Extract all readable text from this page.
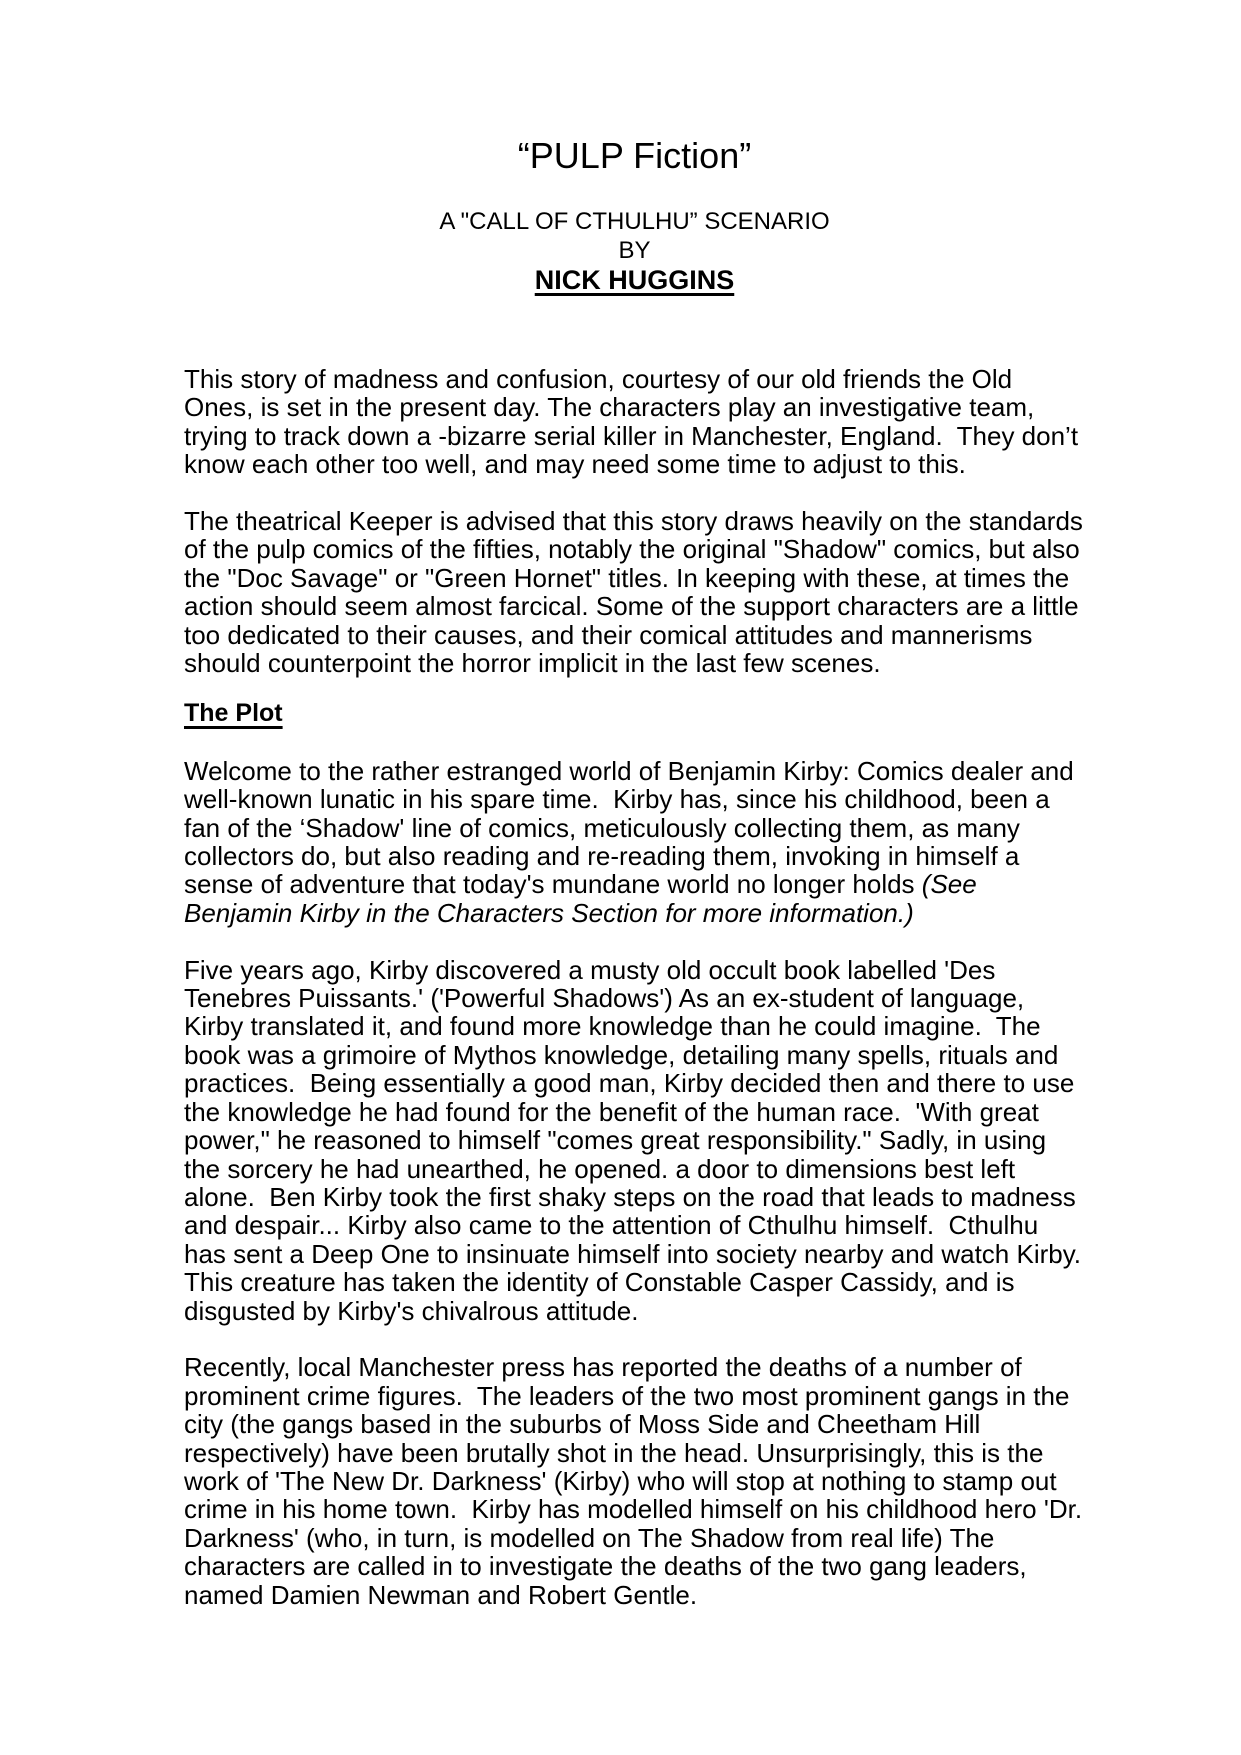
“PULP Fiction”
A "CALL OF CTHULHU” SCENARIO
BY
NICK HUGGINS

This story of madness and confusion, courtesy of our old friends the Old Ones, is set in the present day. The characters play an investigative team, trying to track down a -bizarre serial killer in Manchester, England.  They don’t know each other too well, and may need some time to adjust to this.

The theatrical Keeper is advised that this story draws heavily on the standards of the pulp comics of the fifties, notably the original "Shadow" comics, but also the "Doc Savage" or "Green Hornet" titles. In keeping with these, at times the action should seem almost farcical. Some of the support characters are a little too dedicated to their causes, and their comical attitudes and mannerisms should counterpoint the horror implicit in the last few scenes.

The Plot

Welcome to the rather estranged world of Benjamin Kirby: Comics dealer and well-known lunatic in his spare time.  Kirby has, since his childhood, been a fan of the ‘Shadow' line of comics, meticulously collecting them, as many collectors do, but also reading and re-reading them, invoking in himself a sense of adventure that today's mundane world no longer holds (See Benjamin Kirby in the Characters Section for more information.)

Five years ago, Kirby discovered a musty old occult book labelled 'Des Tenebres Puissants.' ('Powerful Shadows') As an ex-student of language, Kirby translated it, and found more knowledge than he could imagine.  The book was a grimoire of Mythos knowledge, detailing many spells, rituals and practices.  Being essentially a good man, Kirby decided then and there to use the knowledge he had found for the benefit of the human race.  'With great power," he reasoned to himself "comes great responsibility." Sadly, in using the sorcery he had unearthed, he opened. a door to dimensions best left alone.  Ben Kirby took the first shaky steps on the road that leads to madness and despair... Kirby also came to the attention of Cthulhu himself.  Cthulhu has sent a Deep One to insinuate himself into society nearby and watch Kirby. This creature has taken the identity of Constable Casper Cassidy, and is disgusted by Kirby's chivalrous attitude.

Recently, local Manchester press has reported the deaths of a number of prominent crime figures.  The leaders of the two most prominent gangs in the city (the gangs based in the suburbs of Moss Side and Cheetham Hill respectively) have been brutally shot in the head. Unsurprisingly, this is the work of 'The New Dr. Darkness' (Kirby) who will stop at nothing to stamp out crime in his home town.  Kirby has modelled himself on his childhood hero 'Dr. Darkness' (who, in turn, is modelled on The Shadow from real life) The characters are called in to investigate the deaths of the two gang leaders, named Damien Newman and Robert Gentle.
